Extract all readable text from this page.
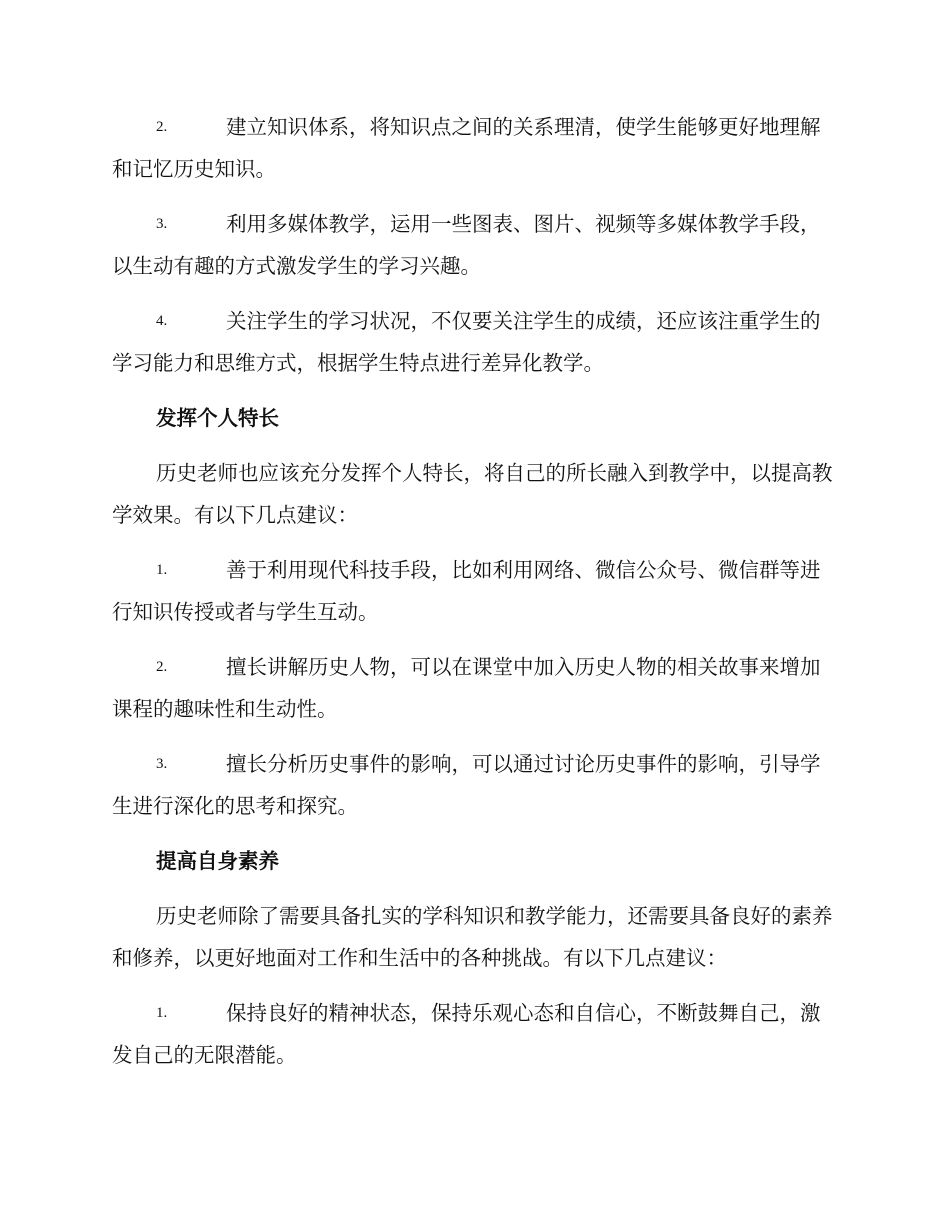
2.	建立知识体系，将知识点之间的关系理清，使学生能够更好地理解和记忆历史知识。
3.	利用多媒体教学，运用一些图表、图片、视频等多媒体教学手段，以生动有趣的方式激发学生的学习兴趣。
4.	关注学生的学习状况，不仅要关注学生的成绩，还应该注重学生的学习能力和思维方式，根据学生特点进行差异化教学。
发挥个人特长
历史老师也应该充分发挥个人特长，将自己的所长融入到教学中，以提高教学效果。有以下几点建议：
1.	善于利用现代科技手段，比如利用网络、微信公众号、微信群等进行知识传授或者与学生互动。
2.	擅长讲解历史人物，可以在课堂中加入历史人物的相关故事来增加课程的趣味性和生动性。
3.	擅长分析历史事件的影响，可以通过讨论历史事件的影响，引导学生进行深化的思考和探究。
提高自身素养
历史老师除了需要具备扎实的学科知识和教学能力，还需要具备良好的素养和修养，以更好地面对工作和生活中的各种挑战。有以下几点建议：
1.	保持良好的精神状态，保持乐观心态和自信心，不断鼓舞自己，激发自己的无限潜能。
